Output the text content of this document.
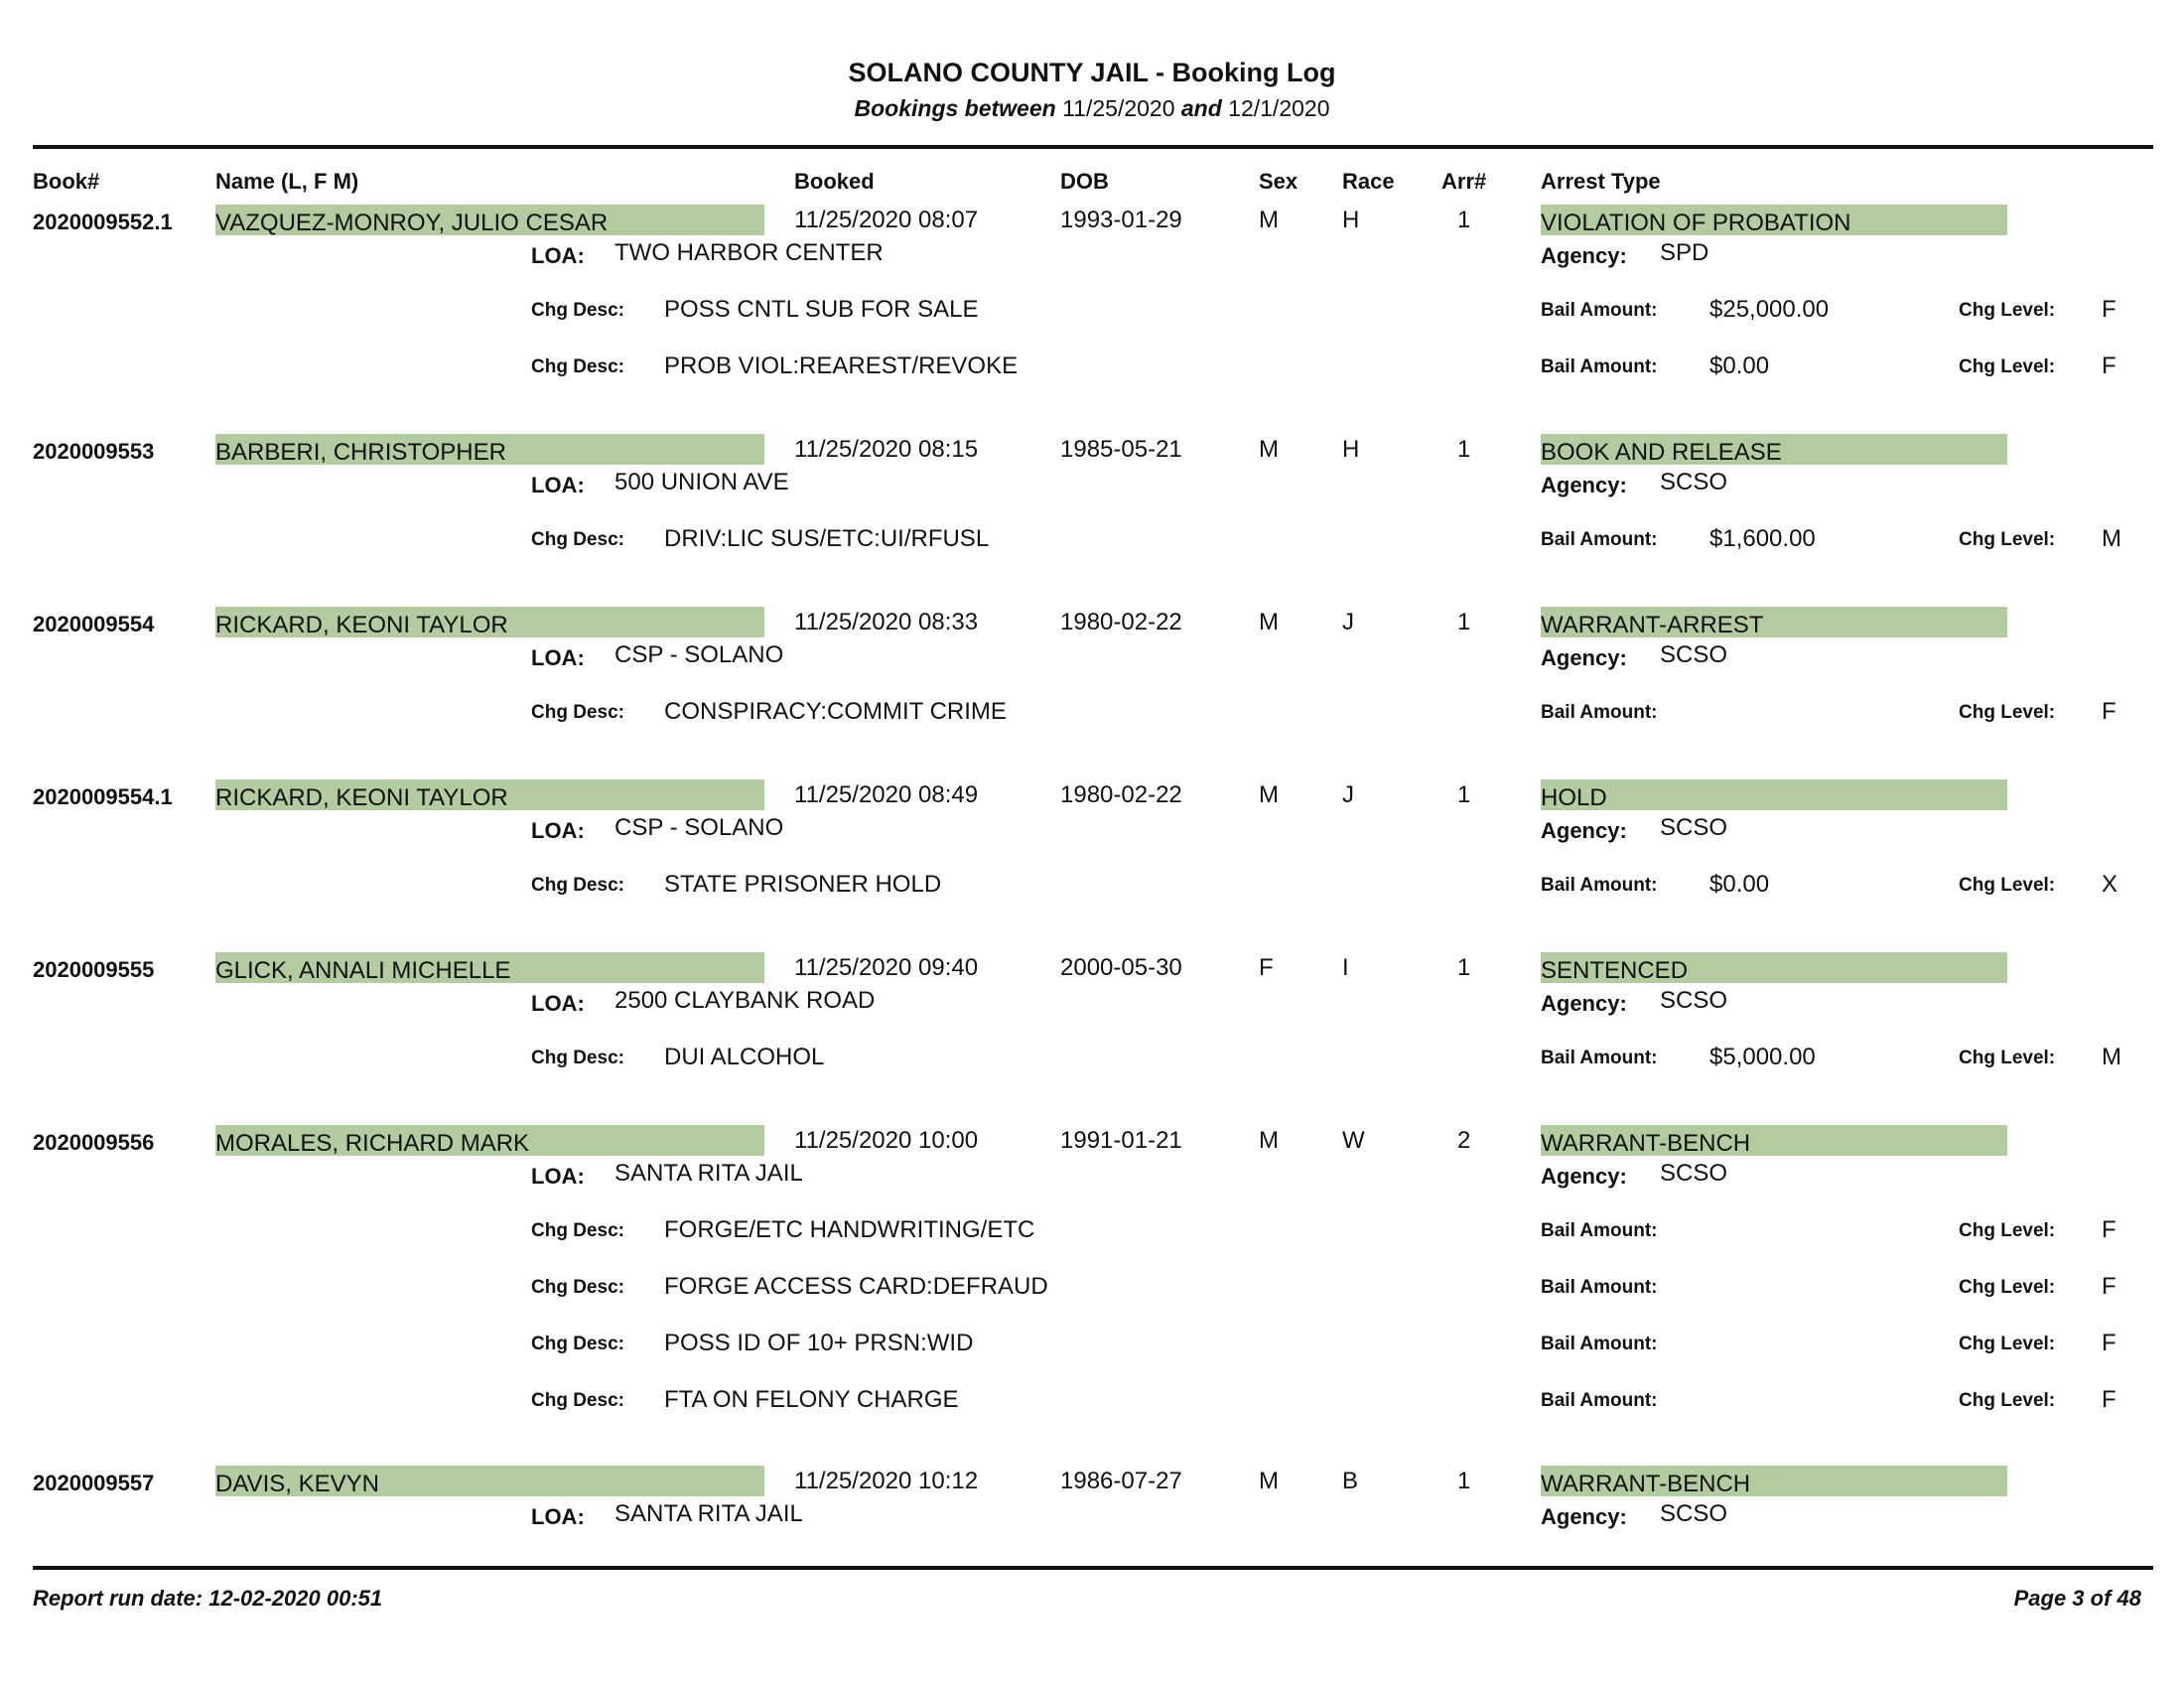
SOLANO COUNTY JAIL - Booking Log
Bookings between 11/25/2020 and 12/1/2020
Book#	Name (L, F M)	Booked	DOB	Sex Race Arr# Arrest Type
2020009552.1 VAZQUEZ-MONROY, JULIO CESAR	11/25/2020 08:07	1993-01-29	M	H	1	VIOLATION OF PROBATION
LOA: TWO HARBOR CENTER	Agency: SPD
Chg Desc: POSS CNTL SUB FOR SALE	Bail Amount: $25,000.00	Chg Level: F
Chg Desc: PROB VIOL:REAREST/REVOKE	Bail Amount: $0.00	Chg Level: F
2020009553	BARBERI, CHRISTOPHER	11/25/2020 08:15	1985-05-21	M	H	1	BOOK AND RELEASE
LOA: 500 UNION AVE	Agency: SCSO
Chg Desc: DRIV:LIC SUS/ETC:UI/RFUSL	Bail Amount: $1,600.00	Chg Level: M
2020009554	RICKARD, KEONI TAYLOR	11/25/2020 08:33	1980-02-22	M	J	1	WARRANT-ARREST
LOA: CSP - SOLANO	Agency: SCSO
Chg Desc: CONSPIRACY:COMMIT CRIME	Bail Amount:	Chg Level: F
2020009554.1 RICKARD, KEONI TAYLOR	11/25/2020 08:49	1980-02-22	M	J	1	HOLD
LOA: CSP - SOLANO	Agency: SCSO
Chg Desc: STATE PRISONER HOLD	Bail Amount: $0.00	Chg Level: X
2020009555	GLICK, ANNALI MICHELLE	11/25/2020 09:40	2000-05-30	F	I	1	SENTENCED
LOA: 2500 CLAYBANK ROAD	Agency: SCSO
Chg Desc: DUI ALCOHOL	Bail Amount: $5,000.00	Chg Level: M
2020009556	MORALES, RICHARD MARK	11/25/2020 10:00	1991-01-21	M	W	2	WARRANT-BENCH
LOA: SANTA RITA JAIL	Agency: SCSO
Chg Desc: FORGE/ETC HANDWRITING/ETC	Bail Amount:	Chg Level: F
Chg Desc: FORGE ACCESS CARD:DEFRAUD	Bail Amount:	Chg Level: F
Chg Desc: POSS ID OF 10+ PRSN:WID	Bail Amount:	Chg Level: F
Chg Desc: FTA ON FELONY CHARGE	Bail Amount:	Chg Level: F
2020009557	DAVIS, KEVYN	11/25/2020 10:12	1986-07-27	M	B	1	WARRANT-BENCH
LOA: SANTA RITA JAIL	Agency: SCSO
Report run date: 12-02-2020 00:51	Page 3 of 48
